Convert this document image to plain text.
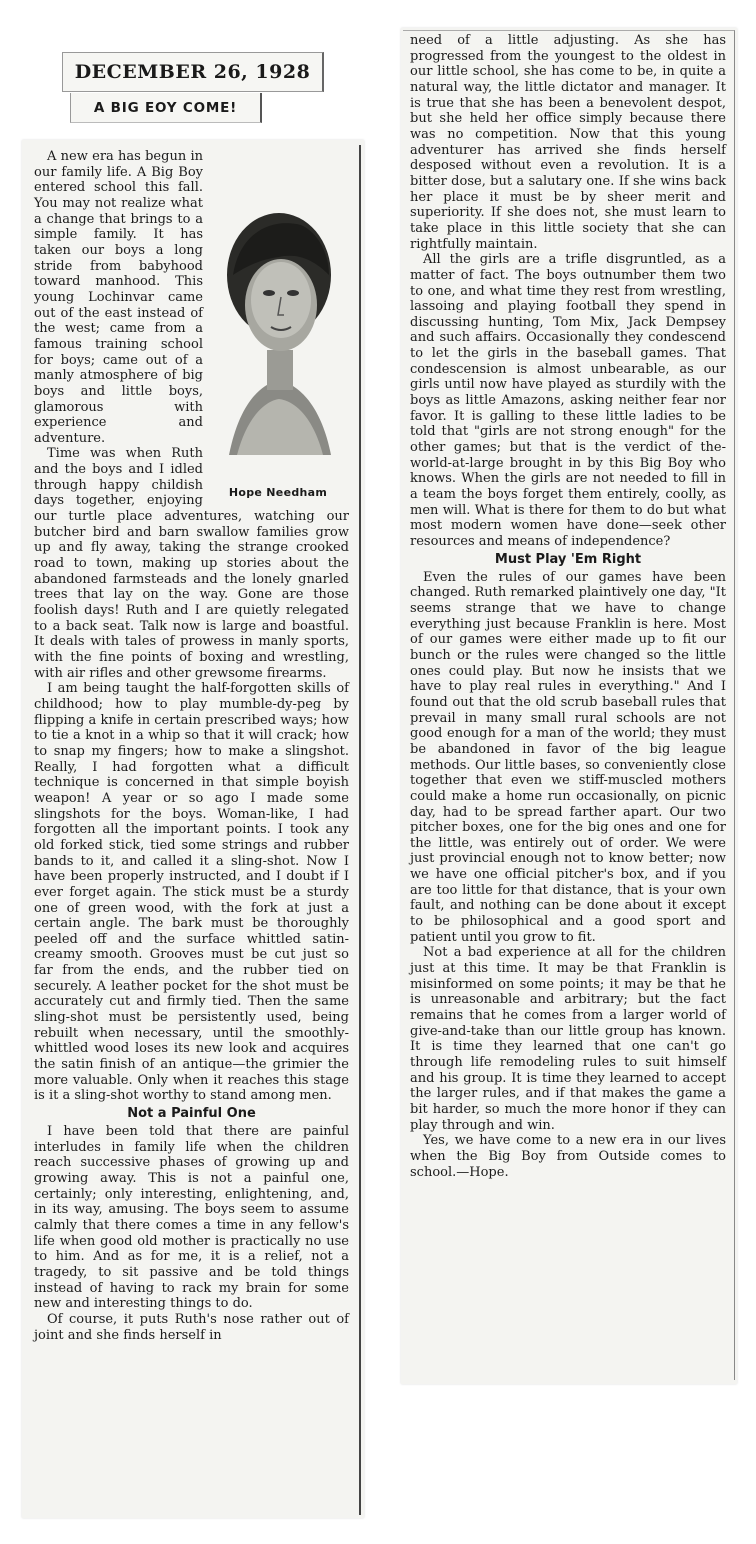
DECEMBER 26, 1928
A BIG EOY COME!
Hope Needham

A new era has begun in our family life. A Big Boy entered school this fall. You may not realize what a change that brings to a simple family. It has taken our boys a long stride from babyhood toward manhood. This young Lochinvar came out of the east instead of the west; came from a famous training school for boys; came out of a manly atmosphere of big boys and little boys, glamorous with experience and adventure.

Time was when Ruth and the boys and I idled through happy childish days together, enjoying our turtle place adventures, watching our butcher bird and barn swallow families grow up and fly away, taking the strange crooked road to town, making up stories about the abandoned farmsteads and the lonely gnarled trees that lay on the way. Gone are those foolish days! Ruth and I are quietly relegated to a back seat. Talk now is large and boastful. It deals with tales of prowess in manly sports, with the fine points of boxing and wrestling, with air rifles and other grewsome firearms.

I am being taught the half-forgotten skills of childhood; how to play mumble-dy-peg by flipping a knife in certain prescribed ways; how to tie a knot in a whip so that it will crack; how to snap my fingers; how to make a slingshot. Really, I had forgotten what a difficult technique is concerned in that simple boyish weapon! A year or so ago I made some slingshots for the boys. Woman-like, I had forgotten all the important points. I took any old forked stick, tied some strings and rubber bands to it, and called it a sling-shot. Now I have been properly instructed, and I doubt if I ever forget again. The stick must be a sturdy one of green wood, with the fork at just a certain angle. The bark must be thoroughly peeled off and the surface whittled satin-creamy smooth. Grooves must be cut just so far from the ends, and the rubber tied on securely. A leather pocket for the shot must be accurately cut and firmly tied. Then the same sling-shot must be persistently used, being rebuilt when necessary, until the smoothly-whittled wood loses its new look and acquires the satin finish of an antique—the grimier the more valuable. Only when it reaches this stage is it a sling-shot worthy to stand among men.

Not a Painful One

I have been told that there are painful interludes in family life when the children reach successive phases of growing up and growing away. This is not a painful one, certainly; only interesting, enlightening, and, in its way, amusing. The boys seem to assume calmly that there comes a time in any fellow's life when good old mother is practically no use to him. And as for me, it is a relief, not a tragedy, to sit passive and be told things instead of having to rack my brain for some new and interesting things to do.

Of course, it puts Ruth's nose rather out of joint and she finds herself in

need of a little adjusting. As she has progressed from the youngest to the oldest in our little school, she has come to be, in quite a natural way, the little dictator and manager. It is true that she has been a benevolent despot, but she held her office simply because there was no competition. Now that this young adventurer has arrived she finds herself desposed without even a revolution. It is a bitter dose, but a salutary one. If she wins back her place it must be by sheer merit and superiority. If she does not, she must learn to take place in this little society that she can rightfully maintain.

All the girls are a trifle disgruntled, as a matter of fact. The boys outnumber them two to one, and what time they rest from wrestling, lassoing and playing football they spend in discussing hunting, Tom Mix, Jack Dempsey and such affairs. Occasionally they condescend to let the girls in the baseball games. That condescension is almost unbearable, as our girls until now have played as sturdily with the boys as little Amazons, asking neither fear nor favor. It is galling to these little ladies to be told that "girls are not strong enough" for the other games; but that is the verdict of the-world-at-large brought in by this Big Boy who knows. When the girls are not needed to fill in a team the boys forget them entirely, coolly, as men will. What is there for them to do but what most modern women have done—seek other resources and means of independence?

Must Play 'Em Right

Even the rules of our games have been changed. Ruth remarked plaintively one day, "It seems strange that we have to change everything just because Franklin is here. Most of our games were either made up to fit our bunch or the rules were changed so the little ones could play. But now he insists that we have to play real rules in everything." And I found out that the old scrub baseball rules that prevail in many small rural schools are not good enough for a man of the world; they must be abandoned in favor of the big league methods. Our little bases, so conveniently close together that even we stiff-muscled mothers could make a home run occasionally, on picnic day, had to be spread farther apart. Our two pitcher boxes, one for the big ones and one for the little, was entirely out of order. We were just provincial enough not to know better; now we have one official pitcher's box, and if you are too little for that distance, that is your own fault, and nothing can be done about it except to be philosophical and a good sport and patient until you grow to fit.

Not a bad experience at all for the children just at this time. It may be that Franklin is misinformed on some points; it may be that he is unreasonable and arbitrary; but the fact remains that he comes from a larger world of give-and-take than our little group has known. It is time they learned that one can't go through life remodeling rules to suit himself and his group. It is time they learned to accept the larger rules, and if that makes the game a bit harder, so much the more honor if they can play through and win.

Yes, we have come to a new era in our lives when the Big Boy from Outside comes to school.—Hope.
